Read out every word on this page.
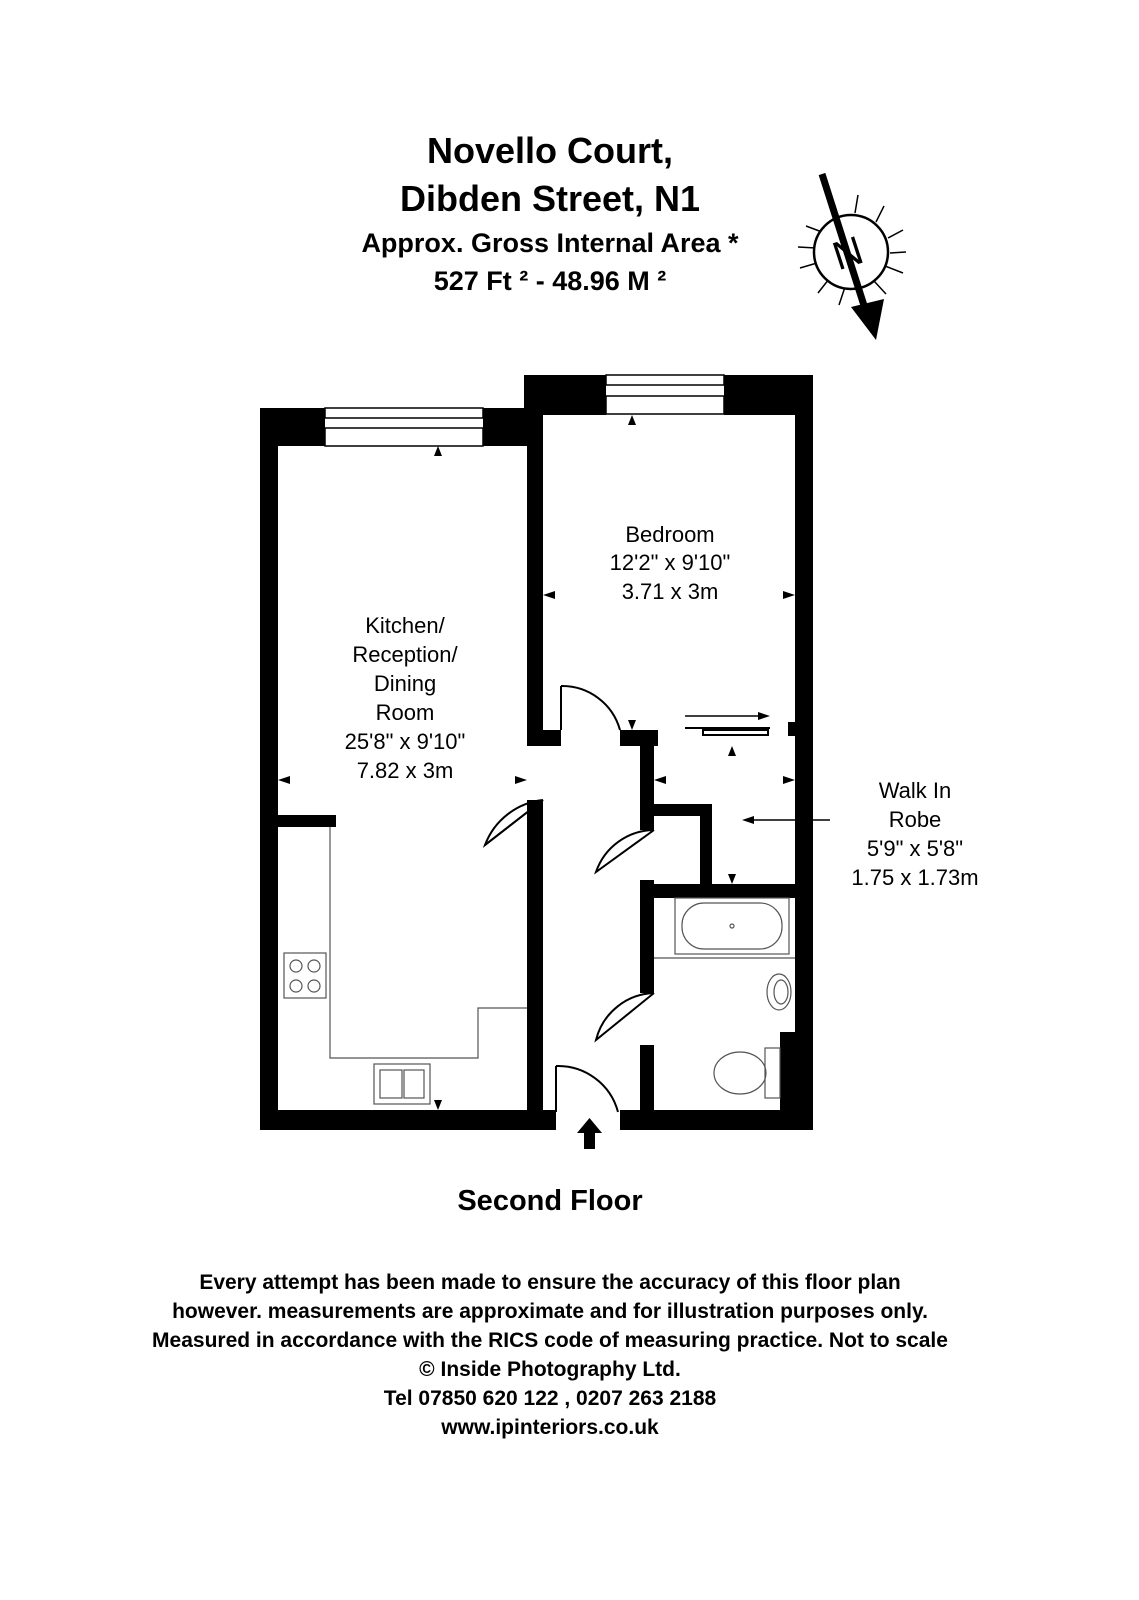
Novello Court,
Dibden Street, N1
Approx. Gross Internal Area *
527 Ft ² - 48.96 M ²
N
Bedroom
12'2" x 9'10"
3.71 x 3m
Kitchen/
Reception/
Dining
Room
25'8" x 9'10"
7.82 x 3m
Walk In
Robe
5'9" x 5'8"
1.75 x 1.73m
Second Floor
Every attempt has been made to ensure the accuracy of this floor plan
however. measurements are approximate and for illustration purposes only.
Measured in accordance with the RICS code of measuring practice. Not to scale
© Inside Photography Ltd.
Tel 07850 620 122 , 0207 263 2188
www.ipinteriors.co.uk
